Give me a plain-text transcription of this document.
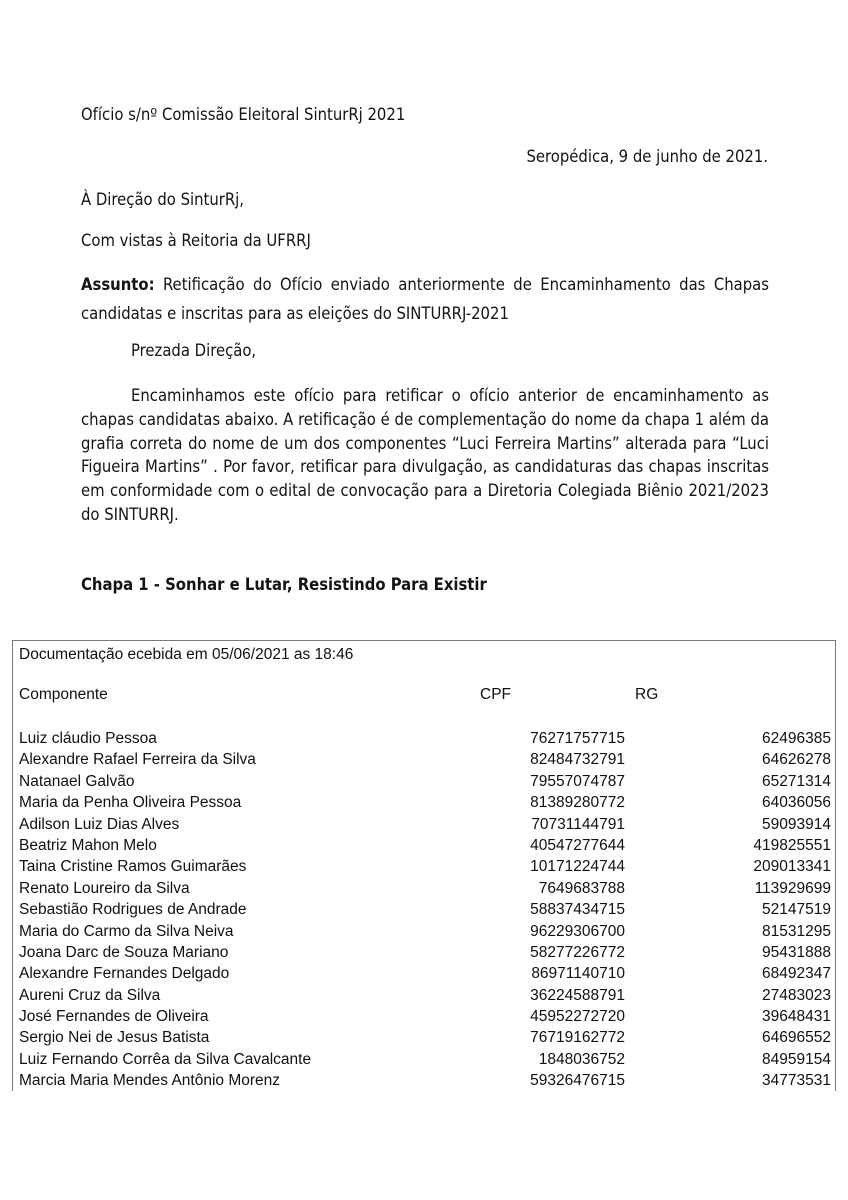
Ofício s/nº Comissão Eleitoral SinturRj 2021
Seropédica, 9 de junho de 2021.
À Direção do SinturRj,
Com vistas à Reitoria da UFRRJ
Assunto: Retificação do Ofício enviado anteriormente de Encaminhamento das Chapas candidatas e inscritas para as eleições do SINTURRJ-2021
Prezada Direção,
Encaminhamos este ofício para retificar o ofício anterior de encaminhamento as chapas candidatas abaixo. A retificação é de complementação do nome da chapa 1 além da grafia correta do nome de um dos componentes “Luci Ferreira Martins” alterada para “Luci Figueira Martins” . Por favor, retificar para divulgação, as candidaturas das chapas inscritas em conformidade com o edital de convocação para a Diretoria Colegiada Biênio 2021/2023 do SINTURRJ.
Chapa 1 - Sonhar e Lutar, Resistindo Para Existir
Documentação ecebida em 05/06/2021 as 18:46
Componente	CPF	RG
Luiz cláudio Pessoa	76271757715	62496385
Alexandre Rafael Ferreira da Silva	82484732791	64626278
Natanael Galvão	79557074787	65271314
Maria da Penha Oliveira Pessoa	81389280772	64036056
Adilson Luiz Dias Alves	70731144791	59093914
Beatriz Mahon Melo	40547277644	419825551
Taina Cristine Ramos Guimarães	10171224744	209013341
Renato Loureiro da Silva	7649683788	113929699
Sebastião Rodrigues de Andrade	58837434715	52147519
Maria do Carmo da Silva Neiva	96229306700	81531295
Joana Darc de Souza Mariano	58277226772	95431888
Alexandre Fernandes Delgado	86971140710	68492347
Aureni Cruz da Silva	36224588791	27483023
José Fernandes de Oliveira	45952272720	39648431
Sergio Nei de Jesus Batista	76719162772	64696552
Luiz Fernando Corrêa da Silva Cavalcante	1848036752	84959154
Marcia Maria Mendes Antônio Morenz	59326476715	34773531
